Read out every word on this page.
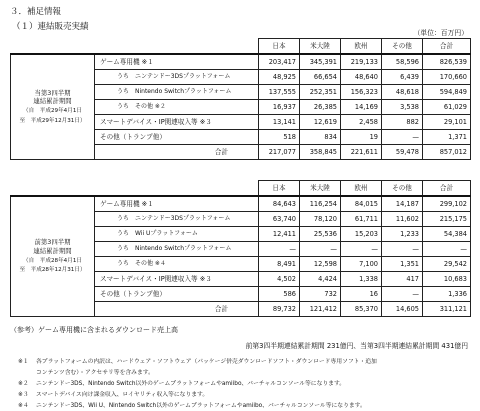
３．補足情報
（１）連結販売実績
（単位：百万円）
		日本	米大陸	欧州	その他	合計
当第3四半期
連結累計期間
（自　平成29年4月1日
至　平成29年12月31日）	ゲーム専用機 ※１	203,417	345,391	219,133	58,596	826,539
	うち　ニンテンドー3DSプラットフォーム	48,925	66,654	48,640	6,439	170,660
	うち　Nintendo Switchプラットフォーム	137,555	252,351	156,323	48,618	594,849
	うち　その他 ※２	16,937	26,385	14,169	3,538	61,029
	スマートデバイス・IP関連収入等 ※３	13,141	12,619	2,458	882	29,101
	その他（トランプ他）	518	834	19	—	1,371
	合計	217,077	358,845	221,611	59,478	857,012
		日本	米大陸	欧州	その他	合計
前第3四半期
連結累計期間
（自　平成28年4月1日
至　平成28年12月31日）	ゲーム専用機 ※１	84,643	116,254	84,015	14,187	299,102
	うち　ニンテンドー3DSプラットフォーム	63,740	78,120	61,711	11,602	215,175
	うち　Wii Uプラットフォーム	12,411	25,536	15,203	1,233	54,384
	うち　Nintendo Switchプラットフォーム	—	—	—	—	—
	うち　その他 ※４	8,491	12,598	7,100	1,351	29,542
	スマートデバイス・IP関連収入等 ※３	4,502	4,424	1,338	417	10,683
	その他（トランプ他）	586	732	16	—	1,336
	合計	89,732	121,412	85,370	14,605	311,121
（参考）ゲーム専用機に含まれるダウンロード売上高
前第3四半期連結累計期間 231億円、当第3四半期連結累計期間 431億円
※１ 各プラットフォームの内訳は、ハードウェア・ソフトウェア（パッケージ併売ダウンロードソフト・ダウンロード専用ソフト・追加
コンテンツ含む）・アクセサリ等を含みます。
※２ ニンテンドー3DS、Nintendo Switch以外のゲームプラットフォームやamiibo、バーチャルコンソール等になります。
※３ スマートデバイス向け課金収入、ロイヤリティ収入等になります。
※４ ニンテンドー3DS、Wii U、Nintendo Switch以外のゲームプラットフォームやamiibo、バーチャルコンソール等になります。
